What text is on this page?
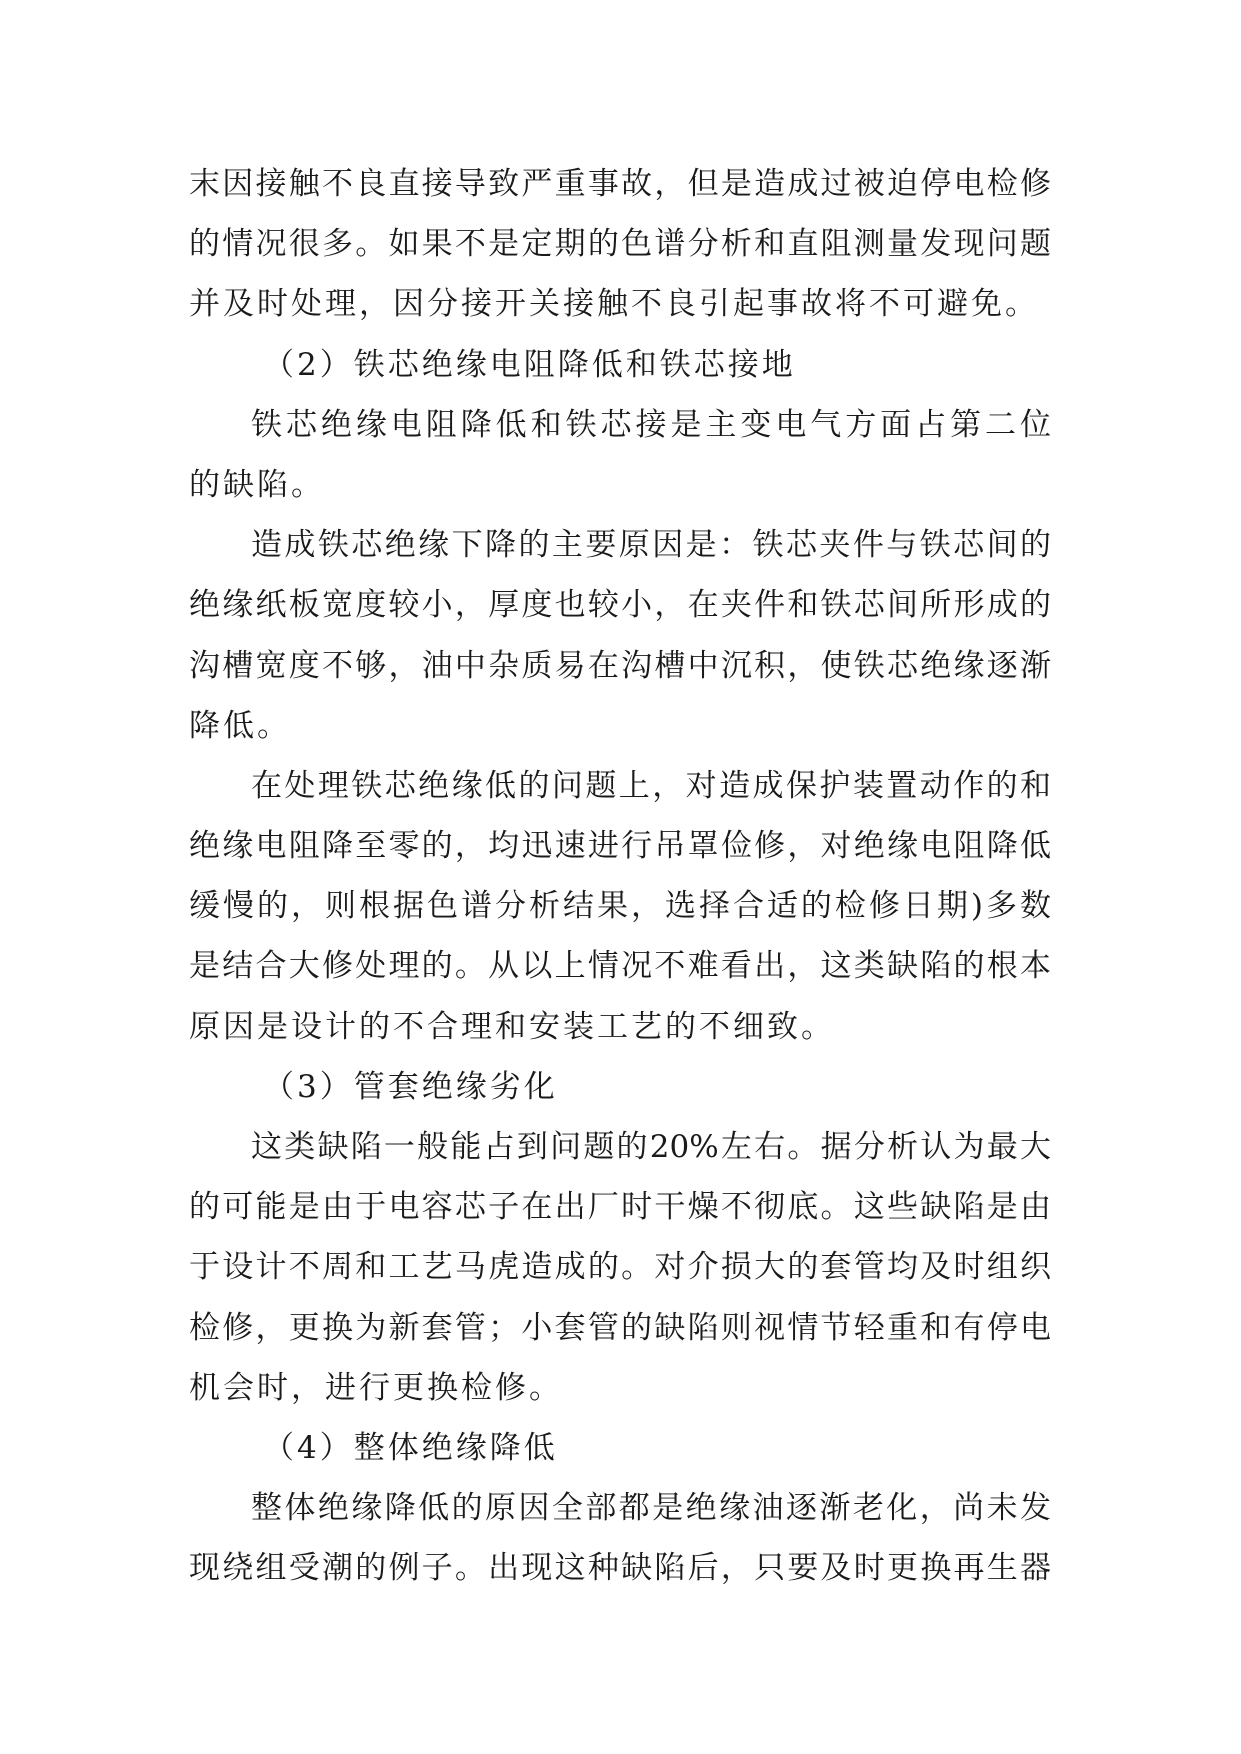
末因接触不良直接导致严重事故，但是造成过被迫停电检修
的情况很多。如果不是定期的色谱分析和直阻测量发现问题
并及时处理，因分接开关接触不良引起事故将不可避免。
（2）铁芯绝缘电阻降低和铁芯接地
铁芯绝缘电阻降低和铁芯接是主变电气方面占第二位
的缺陷。
造成铁芯绝缘下降的主要原因是：铁芯夹件与铁芯间的
绝缘纸板宽度较小，厚度也较小，在夹件和铁芯间所形成的
沟槽宽度不够，油中杂质易在沟槽中沉积，使铁芯绝缘逐渐
降低。
在处理铁芯绝缘低的问题上，对造成保护装置动作的和
绝缘电阻降至零的，均迅速进行吊罩俭修，对绝缘电阻降低
缓慢的，则根据色谱分析结果，选择合适的检修日期)多数
是结合大修处理的。从以上情况不难看出，这类缺陷的根本
原因是设计的不合理和安装工艺的不细致。
（3）管套绝缘劣化
这类缺陷一般能占到问题的20%左右。据分析认为最大
的可能是由于电容芯子在出厂时干燥不彻底。这些缺陷是由
于设计不周和工艺马虎造成的。对介损大的套管均及时组织
检修，更换为新套管；小套管的缺陷则视情节轻重和有停电
机会时，进行更换检修。
（4）整体绝缘降低
整体绝缘降低的原因全部都是绝缘油逐渐老化，尚未发
现绕组受潮的例子。出现这种缺陷后，只要及时更换再生器
